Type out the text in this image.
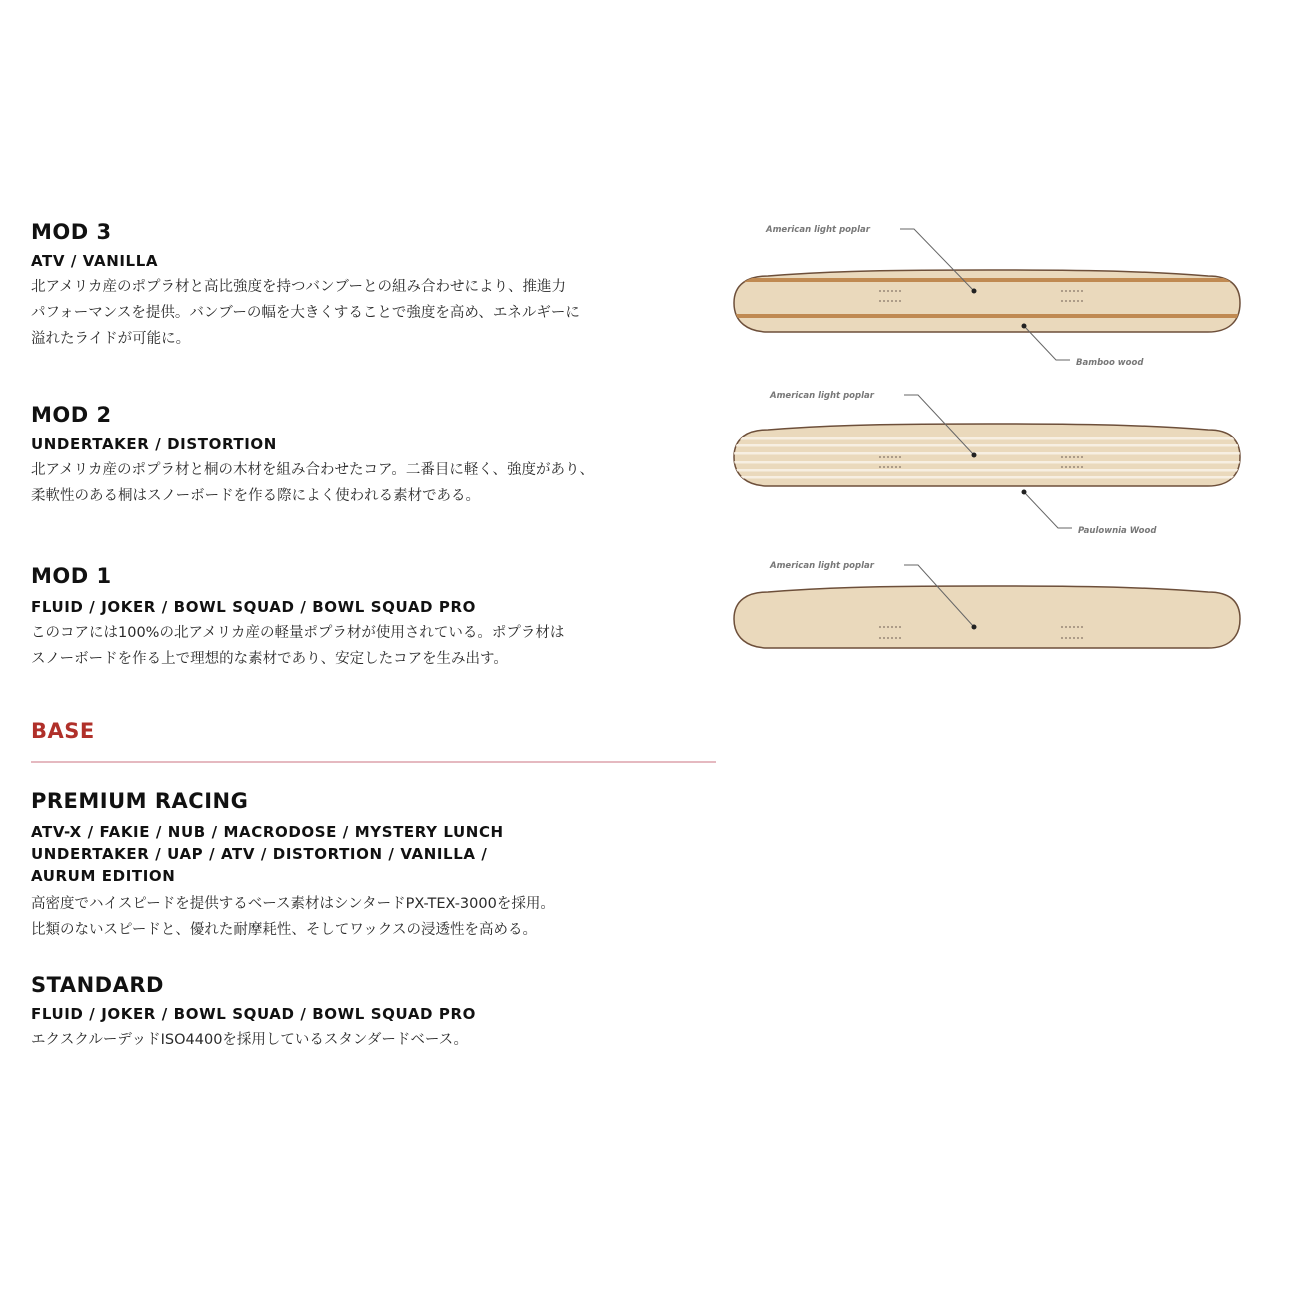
MOD 3
ATV / VANILLA
北アメリカ産のポプラ材と高比強度を持つバンブーとの組み合わせにより、推進力
パフォーマンスを提供。バンブーの幅を大きくすることで強度を高め、エネルギーに
溢れたライドが可能に。
MOD 2
UNDERTAKER / DISTORTION
北アメリカ産のポプラ材と桐の木材を組み合わせたコア。二番目に軽く、強度があり、
柔軟性のある桐はスノーボードを作る際によく使われる素材である。
MOD 1
FLUID / JOKER / BOWL SQUAD / BOWL SQUAD PRO
このコアには100%の北アメリカ産の軽量ポプラ材が使用されている。ポプラ材は
スノーボードを作る上で理想的な素材であり、安定したコアを生み出す。
BASE
PREMIUM RACING
ATV-X / FAKIE / NUB / MACRODOSE / MYSTERY LUNCH
UNDERTAKER / UAP / ATV / DISTORTION / VANILLA /
AURUM EDITION
高密度でハイスピードを提供するベース素材はシンタードPX-TEX-3000を採用。
比類のないスピードと、優れた耐摩耗性、そしてワックスの浸透性を高める。
STANDARD
FLUID / JOKER / BOWL SQUAD / BOWL SQUAD PRO
エクスクルーデッドISO4400を採用しているスタンダードベース。
American light poplar
Bamboo wood
American light poplar
Paulownia Wood
American light poplar
